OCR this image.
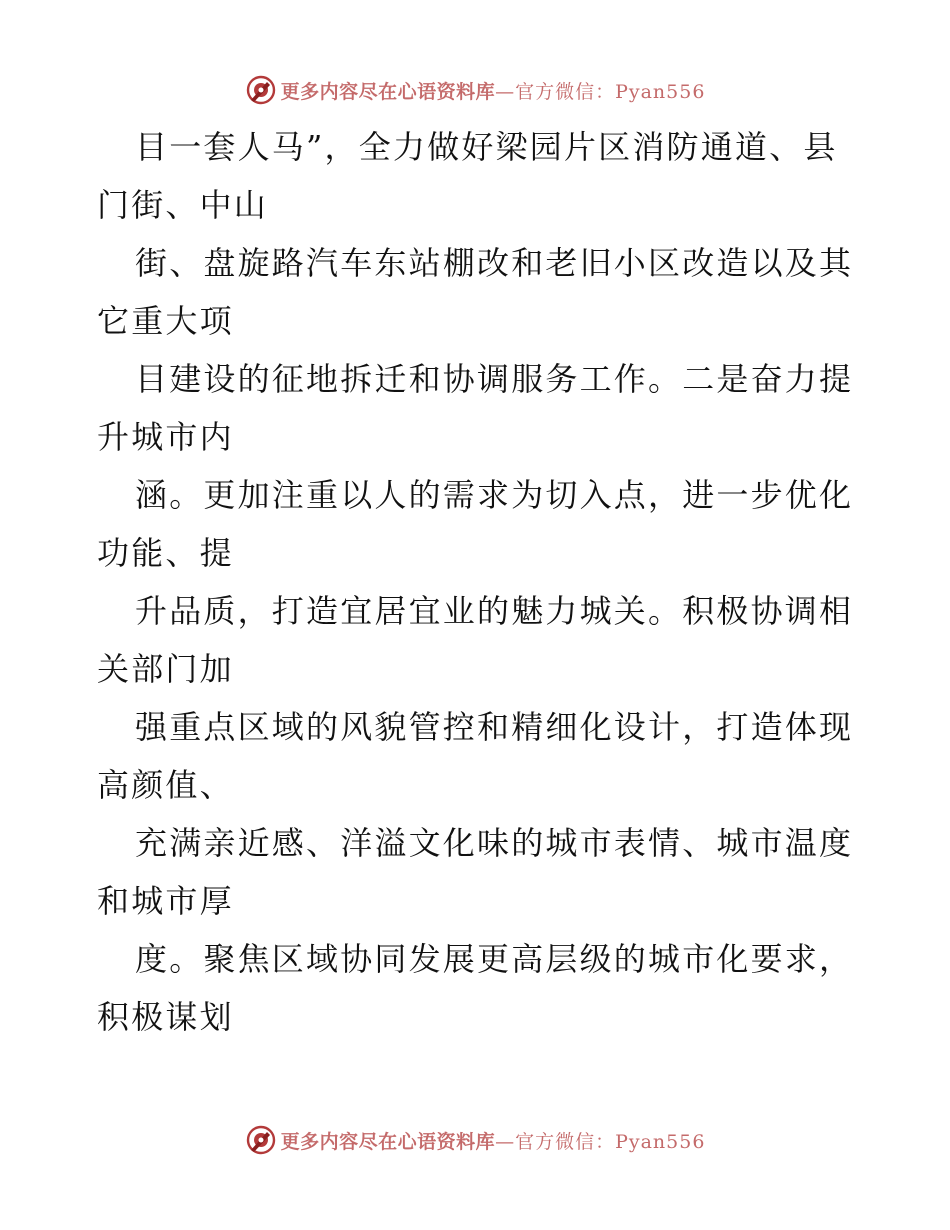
更多内容尽在心语资料库 —官方微信：Pyan556
目一套人马”，全力做好梁园片区消防通道、县
门街、中山
街、盘旋路汽车东站棚改和老旧小区改造以及其
它重大项
目建设的征地拆迁和协调服务工作。二是奋力提
升城市内
涵。更加注重以人的需求为切入点，进一步优化
功能、提
升品质，打造宜居宜业的魅力城关。积极协调相
关部门加
强重点区域的风貌管控和精细化设计，打造体现
高颜值、
充满亲近感、洋溢文化味的城市表情、城市温度
和城市厚
度。聚焦区域协同发展更高层级的城市化要求，
积极谋划
更多内容尽在心语资料库 —官方微信：Pyan556
